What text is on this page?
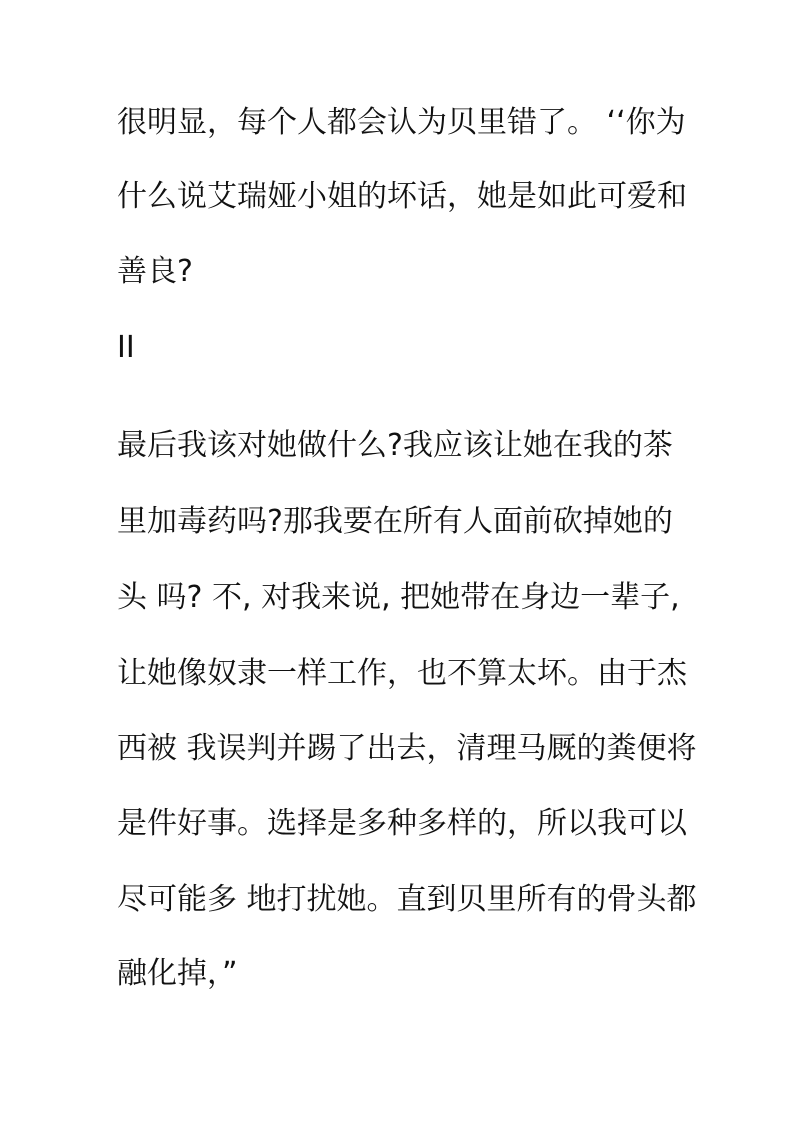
很明显，每个人都会认为贝里错了。 ‘‘你为
什么说艾瑞娅小姐的坏话，她是如此可爱和
善良?
II
最后我该对她做什么?我应该让她在我的茶
里加毒药吗?那我要在所有人面前砍掉她的
头 吗? 不, 对我来说, 把她带在身边一辈子,
让她像奴隶一样工作，也不算太坏。由于杰
西被 我误判并踢了出去，清理马厩的粪便将
是件好事。选择是多种多样的，所以我可以
尽可能多 地打扰她。直到贝里所有的骨头都
融化掉，”
